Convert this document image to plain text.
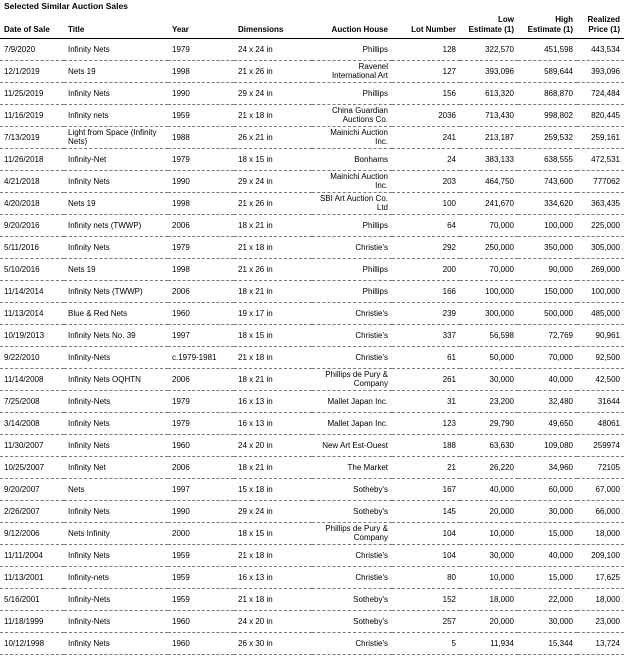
Selected Similar Auction Sales
Date of Sale	Title	Year	Dimensions	Auction House	Lot Number	Low Estimate (1)	High Estimate (1)	Realized Price (1)
7/9/2020	Infinity Nets	1979	24 x 24 in	Phillips	128	322,570	451,598	443,534
12/1/2019	Nets 19	1998	21 x 26 in	Ravenel International Art	127	393,096	589,644	393,096
11/25/2019	Infinity Nets	1990	29 x 24 in	Phillips	156	613,320	868,870	724,484
11/16/2019	Infinity nets	1959	21 x 18 in	China Guardian Auctions Co.	2036	713,430	998,802	820,445
7/13/2019	Light from Space (Infinity Nets)	1988	26 x 21 in	Mainichi Auction Inc.	241	213,187	259,532	259,161
11/26/2018	Infinity-Net	1979	18 x 15 in	Bonhams	24	383,133	638,555	472,531
4/21/2018	Infinity Nets	1990	29 x 24 in	Mainichi Auction Inc.	203	464,750	743,600	777062
4/20/2018	Nets 19	1998	21 x 26 in	SBI Art Auction Co. Ltd	100	241,670	334,620	363,435
9/20/2016	Infinity nets (TWWP)	2006	18 x 21 in	Phillips	64	70,000	100,000	225,000
5/11/2016	Infinity Nets	1979	21 x 18 in	Christie's	292	250,000	350,000	305,000
5/10/2016	Nets 19	1998	21 x 26 in	Phillips	200	70,000	90,000	269,000
11/14/2014	Infinity Nets (TWWP)	2006	18 x 21 in	Phillips	166	100,000	150,000	100,000
11/13/2014	Blue & Red Nets	1960	19 x 17 in	Christie's	239	300,000	500,000	485,000
10/19/2013	Infinity Nets No. 39	1997	18 x 15 in	Christie's	337	56,598	72,769	90,961
9/22/2010	Infinity-Nets	c.1979-1981	21 x 18 in	Christie's	61	50,000	70,000	92,500
11/14/2008	Infinity Nets OQHTN	2006	18 x 21 in	Phillips de Pury & Company	261	30,000	40,000	42,500
7/25/2008	Infinity-Nets	1979	16 x 13 in	Mallet Japan Inc.	31	23,200	32,480	31644
3/14/2008	Infinity Nets	1979	16 x 13 in	Mallet Japan Inc.	123	29,790	49,650	48061
11/30/2007	Infinity Nets	1960	24 x 20 in	New Art Est-Ouest	188	63,630	109,080	259974
10/25/2007	Infinity Net	2006	18 x 21 in	The Market	21	26,220	34,960	72105
9/20/2007	Nets	1997	15 x 18 in	Sotheby's	167	40,000	60,000	67,000
2/26/2007	Infinity Nets	1990	29 x 24 in	Sotheby's	145	20,000	30,000	66,000
9/12/2006	Nets Infinity	2000	18 x 15 in	Phillips de Pury & Company	104	10,000	15,000	18,000
11/11/2004	Infinity Nets	1959	21 x 18 in	Christie's	104	30,000	40,000	209,100
11/13/2001	Infinity-nets	1959	16 x 13 in	Christie's	80	10,000	15,000	17,625
5/16/2001	Infinity-Nets	1959	21 x 18 in	Sotheby's	152	18,000	22,000	18,000
11/18/1999	Infinity-Nets	1960	24 x 20 in	Sotheby's	257	20,000	30,000	23,000
10/12/1998	Infinity Nets	1960	26 x 30 in	Christie's	5	11,934	15,344	13,724
